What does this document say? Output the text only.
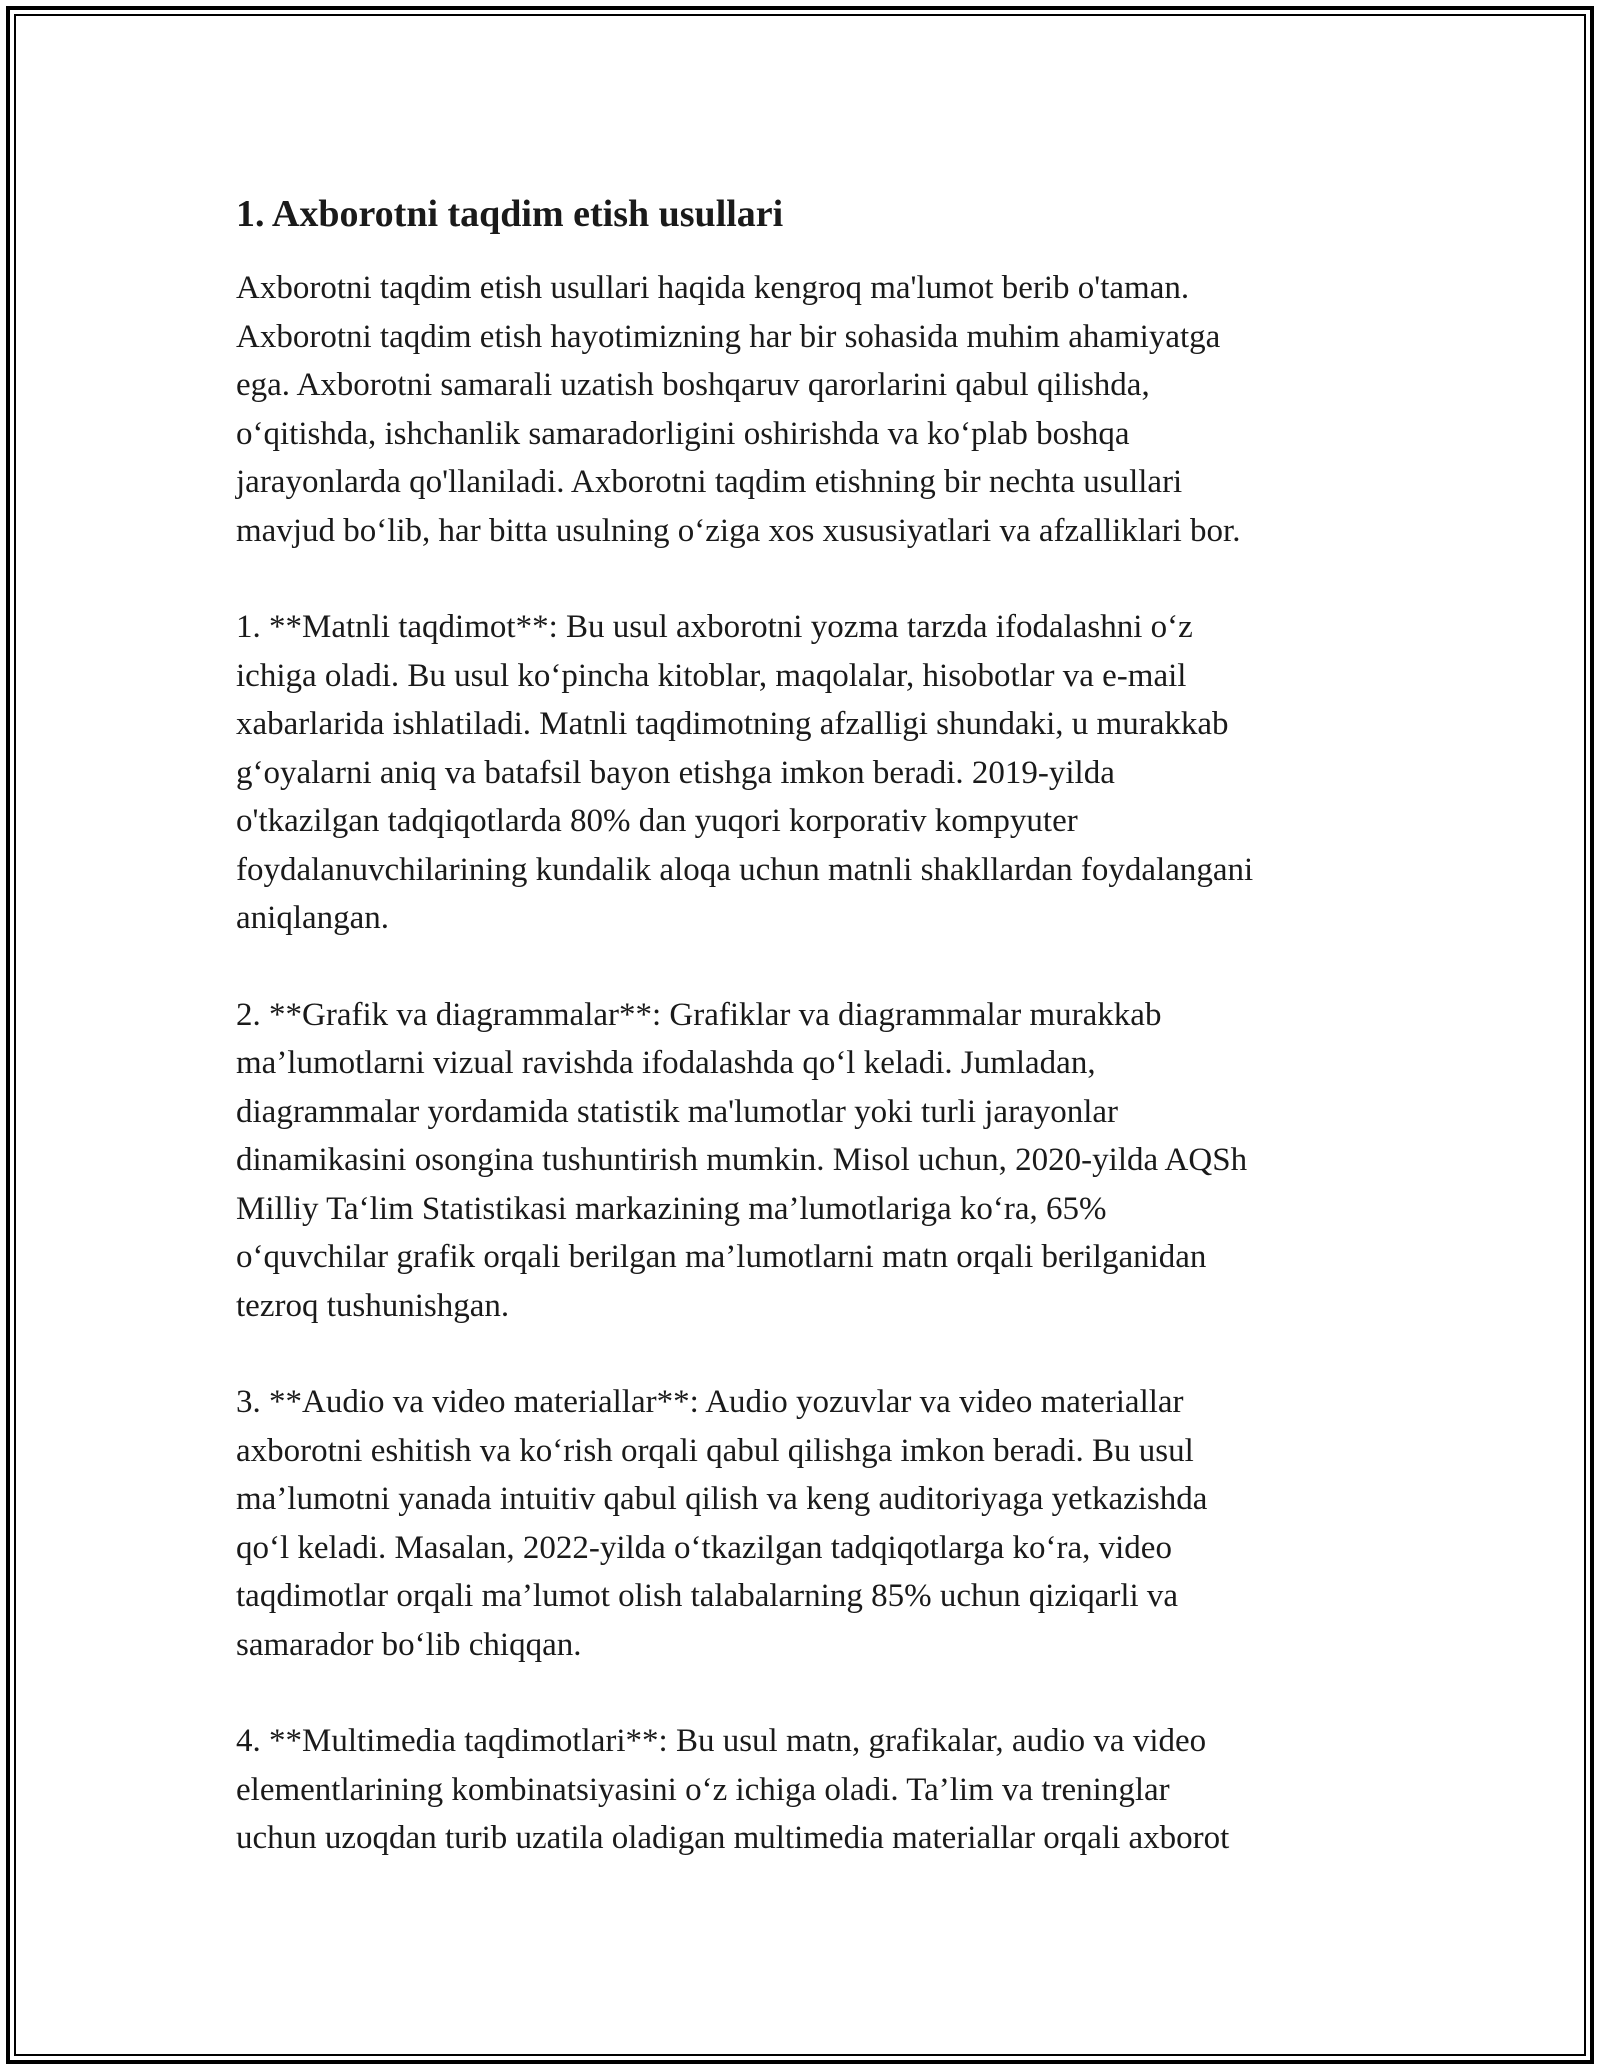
1. Axborotni taqdim etish usullari

Axborotni taqdim etish usullari haqida kengroq ma'lumot berib o'taman.
Axborotni taqdim etish hayotimizning har bir sohasida muhim ahamiyatga
ega. Axborotni samarali uzatish boshqaruv qarorlarini qabul qilishda,
o‘qitishda, ishchanlik samaradorligini oshirishda va ko‘plab boshqa
jarayonlarda qo'llaniladi. Axborotni taqdim etishning bir nechta usullari
mavjud bo‘lib, har bitta usulning o‘ziga xos xususiyatlari va afzalliklari bor.

1. **Matnli taqdimot**: Bu usul axborotni yozma tarzda ifodalashni o‘z
ichiga oladi. Bu usul ko‘pincha kitoblar, maqolalar, hisobotlar va e-mail
xabarlarida ishlatiladi. Matnli taqdimotning afzalligi shundaki, u murakkab
g‘oyalarni aniq va batafsil bayon etishga imkon beradi. 2019-yilda
o'tkazilgan tadqiqotlarda 80% dan yuqori korporativ kompyuter
foydalanuvchilarining kundalik aloqa uchun matnli shakllardan foydalangani
aniqlangan.

2. **Grafik va diagrammalar**: Grafiklar va diagrammalar murakkab
ma’lumotlarni vizual ravishda ifodalashda qo‘l keladi. Jumladan,
diagrammalar yordamida statistik ma'lumotlar yoki turli jarayonlar
dinamikasini osongina tushuntirish mumkin. Misol uchun, 2020-yilda AQSh
Milliy Ta‘lim Statistikasi markazining ma’lumotlariga ko‘ra, 65%
o‘quvchilar grafik orqali berilgan ma’lumotlarni matn orqali berilganidan
tezroq tushunishgan.

3. **Audio va video materiallar**: Audio yozuvlar va video materiallar
axborotni eshitish va ko‘rish orqali qabul qilishga imkon beradi. Bu usul
ma’lumotni yanada intuitiv qabul qilish va keng auditoriyaga yetkazishda
qo‘l keladi. Masalan, 2022-yilda o‘tkazilgan tadqiqotlarga ko‘ra, video
taqdimotlar orqali ma’lumot olish talabalarning 85% uchun qiziqarli va
samarador bo‘lib chiqqan.

4. **Multimedia taqdimotlari**: Bu usul matn, grafikalar, audio va video
elementlarining kombinatsiyasini o‘z ichiga oladi. Ta’lim va treninglar
uchun uzoqdan turib uzatila oladigan multimedia materiallar orqali axborot
